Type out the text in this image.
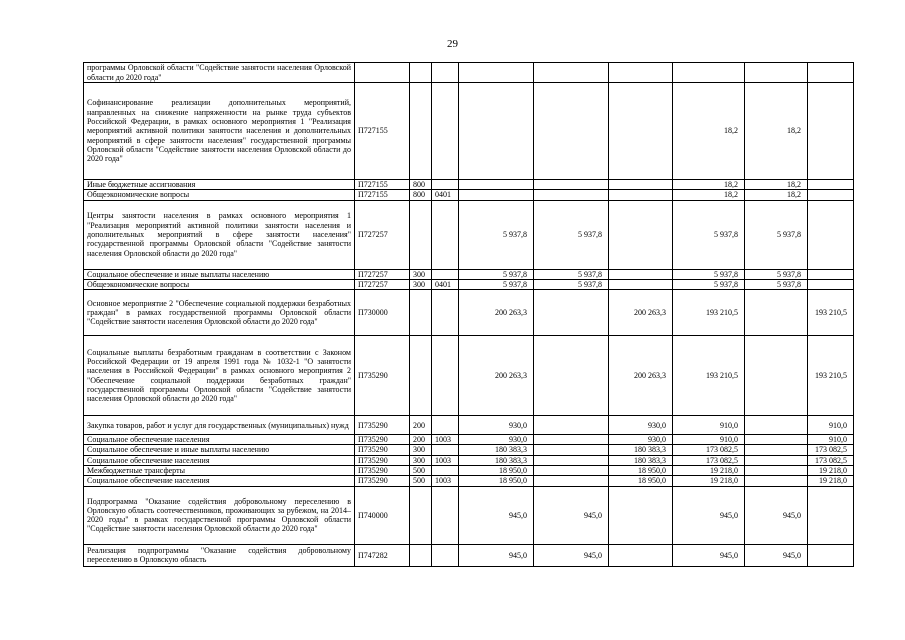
29
программы Орловской области "Содействие занятости населения Орловской области до 2020 года"									
Софинансирование реализации дополнительных мероприятий, направленных на снижение напряженности на рынке труда субъектов Российской Федерации, в рамках основного мероприятия 1 "Реализация мероприятий активной политики занятости населения и дополнительных мероприятий в сфере занятости населения" государственной программы Орловской области "Содействие занятости населения Орловской области до 2020 года"	П727155						18,2	18,2	
Иные бюджетные ассигнования	П727155	800					18,2	18,2	
Общеэкономические вопросы	П727155	800	0401				18,2	18,2	
Центры занятости населения в рамках основного мероприятия 1 "Реализация мероприятий активной политики занятости населения и дополнительных мероприятий в сфере занятости населения" государственной программы Орловской области "Содействие занятости населения Орловской области до 2020 года"	П727257			5 937,8	5 937,8		5 937,8	5 937,8	
Социальное обеспечение и иные выплаты населению	П727257	300		5 937,8	5 937,8		5 937,8	5 937,8	
Общеэкономические вопросы	П727257	300	0401	5 937,8	5 937,8		5 937,8	5 937,8	
Основное мероприятие 2 "Обеспечение социальной поддержки безработных граждан" в рамках государственной программы Орловской области "Содействие занятости населения Орловской области до 2020 года"	П730000			200 263,3		200 263,3	193 210,5		193 210,5
Социальные выплаты безработным гражданам в соответствии с Законом Российской Федерации от 19 апреля 1991 года № 1032-1 "О занятости населения в Российской Федерации" в рамках основного мероприятия 2 "Обеспечение социальной поддержки безработных граждан" государственной программы Орловской области "Содействие занятости населения Орловской области до 2020 года"	П735290			200 263,3		200 263,3	193 210,5		193 210,5
Закупка товаров, работ и услуг для государственных (муниципальных) нужд	П735290	200		930,0		930,0	910,0		910,0
Социальное обеспечение населения	П735290	200	1003	930,0		930,0	910,0		910,0
Социальное обеспечение и иные выплаты населению	П735290	300		180 383,3		180 383,3	173 082,5		173 082,5
Социальное обеспечение населения	П735290	300	1003	180 383,3		180 383,3	173 082,5		173 082,5
Межбюджетные трансферты	П735290	500		18 950,0		18 950,0	19 218,0		19 218,0
Социальное обеспечение населения	П735290	500	1003	18 950,0		18 950,0	19 218,0		19 218,0
Подпрограмма "Оказание содействия добровольному переселению в Орловскую область соотечественников, проживающих за рубежом, на 2014–2020 годы" в рамках государственной программы Орловской области "Содействие занятости населения Орловской области до 2020 года"	П740000			945,0	945,0		945,0	945,0	
Реализация подпрограммы "Оказание содействия добровольному переселению в Орловскую область	П747282			945,0	945,0		945,0	945,0	
